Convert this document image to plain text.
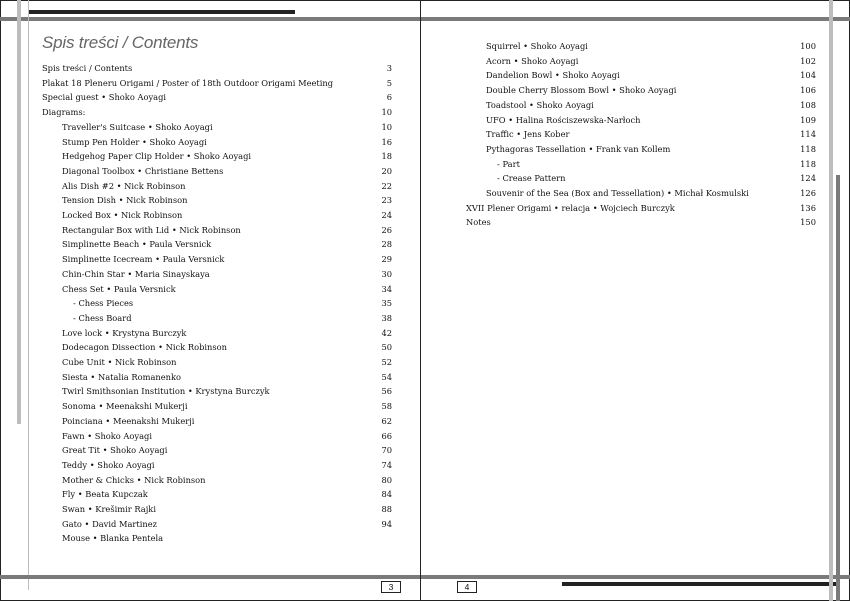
Spis treści / Contents
Spis treści / Contents	3
Plakat 18 Pleneru Origami / Poster of 18th Outdoor Origami Meeting	5
Special guest • Shoko Aoyagi	6
Diagrams:	10
Traveller's Suitcase • Shoko Aoyagi	10
Stump Pen Holder • Shoko Aoyagi	16
Hedgehog Paper Clip Holder • Shoko Aoyagi	18
Diagonal Toolbox • Christiane Bettens	20
Alis Dish #2 • Nick Robinson	22
Tension Dish • Nick Robinson	23
Locked Box • Nick Robinson	24
Rectangular Box with Lid • Nick Robinson	26
Simplinette Beach • Paula Versnick	28
Simplinette Icecream • Paula Versnick	29
Chin-Chin Star • Maria Sinayskaya	30
Chess Set • Paula Versnick	34
- Chess Pieces	35
- Chess Board	38
Love lock • Krystyna Burczyk	42
Dodecagon Dissection • Nick Robinson	50
Cube Unit • Nick Robinson	52
Siesta • Natalia Romanenko	54
Twirl Smithsonian Institution • Krystyna Burczyk	56
Sonoma • Meenakshi Mukerji	58
Poinciana • Meenakshi Mukerji	62
Fawn • Shoko Aoyagi	66
Great Tit • Shoko Aoyagi	70
Teddy • Shoko Aoyagi	74
Mother & Chicks • Nick Robinson	80
Fly • Beata Kupczak	84
Swan • Krešimir Rajki	88
Gato • David Martinez	94
Mouse • Blanka Pentela
3
Squirrel • Shoko Aoyagi	100
Acorn • Shoko Aoyagi	102
Dandelion Bowl • Shoko Aoyagi	104
Double Cherry Blossom Bowl • Shoko Aoyagi	106
Toadstool • Shoko Aoyagi	108
UFO • Halina Rościszewska-Narłoch	109
Traffic • Jens Kober	114
Pythagoras Tessellation • Frank van Kollem	118
- Part	118
- Crease Pattern	124
Souvenir of the Sea (Box and Tessellation) • Michał Kosmulski	126
XVII Plener Origami • relacja • Wojciech Burczyk	136
Notes	150
4
